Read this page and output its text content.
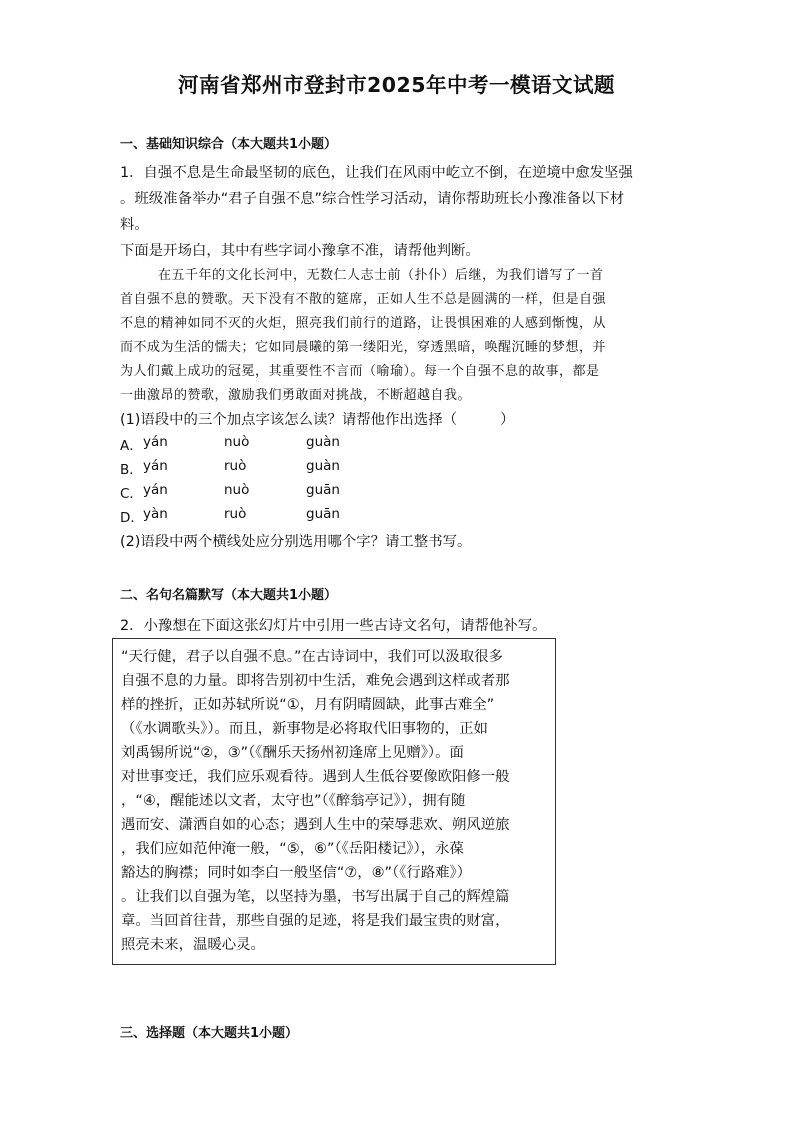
河南省郑州市登封市2025年中考一模语文试题
一、基础知识综合（本大题共1小题）
1．自强不息是生命最坚韧的底色，让我们在风雨中屹立不倒，在逆境中愈发坚强
。班级准备举办“君子自强不息”综合性学习活动，请你帮助班长小豫准备以下材
料。
下面是开场白，其中有些字词小豫拿不准，请帮他判断。
在五千年的文化长河中，无数仁人志士前（扑仆）后继，为我们谱写了一首
首自强不息的赞歌。天下没有不散的筵席，正如人生不总是圆满的一样，但是自强
不息的精神如同不灭的火炬，照亮我们前行的道路，让畏惧困难的人感到惭愧，从
而不成为生活的懦夫；它如同晨曦的第一缕阳光，穿透黑暗，唤醒沉睡的梦想，并
为人们戴上成功的冠冕，其重要性不言而（喻瑜）。每一个自强不息的故事，都是
一曲激昂的赞歌，激励我们勇敢面对挑战，不断超越自我。
(1)语段中的三个加点字该怎么读？请帮他作出选择（　　　）
A． yán	nuò	guàn
B． yán	ruò	guàn
C． yán	nuò	guān
D． yàn	ruò	guān
(2)语段中两个横线处应分别选用哪个字？请工整书写。
二、名句名篇默写（本大题共1小题）
2．小豫想在下面这张幻灯片中引用一些古诗文名句，请帮他补写。
“天行健，君子以自强不息。”在古诗词中，我们可以汲取很多
自强不息的力量。即将告别初中生活，难免会遇到这样或者那
样的挫折，正如苏轼所说“①，月有阴晴圆缺，此事古难全”
（《水调歌头》）。而且，新事物是必将取代旧事物的，正如
刘禹锡所说“②，③”（《酬乐天扬州初逢席上见赠》）。面
对世事变迁，我们应乐观看待。遇到人生低谷要像欧阳修一般
，“④，醒能述以文者，太守也”（《醉翁亭记》），拥有随
遇而安、潇洒自如的心态；遇到人生中的荣辱悲欢、朔风逆旅
，我们应如范仲淹一般，“⑤，⑥”（《岳阳楼记》），永葆
豁达的胸襟；同时如李白一般坚信“⑦，⑧”（《行路难》）
。让我们以自强为笔，以坚持为墨，书写出属于自己的辉煌篇
章。当回首往昔，那些自强的足迹，将是我们最宝贵的财富，
照亮未来，温暖心灵。
三、选择题（本大题共1小题）
